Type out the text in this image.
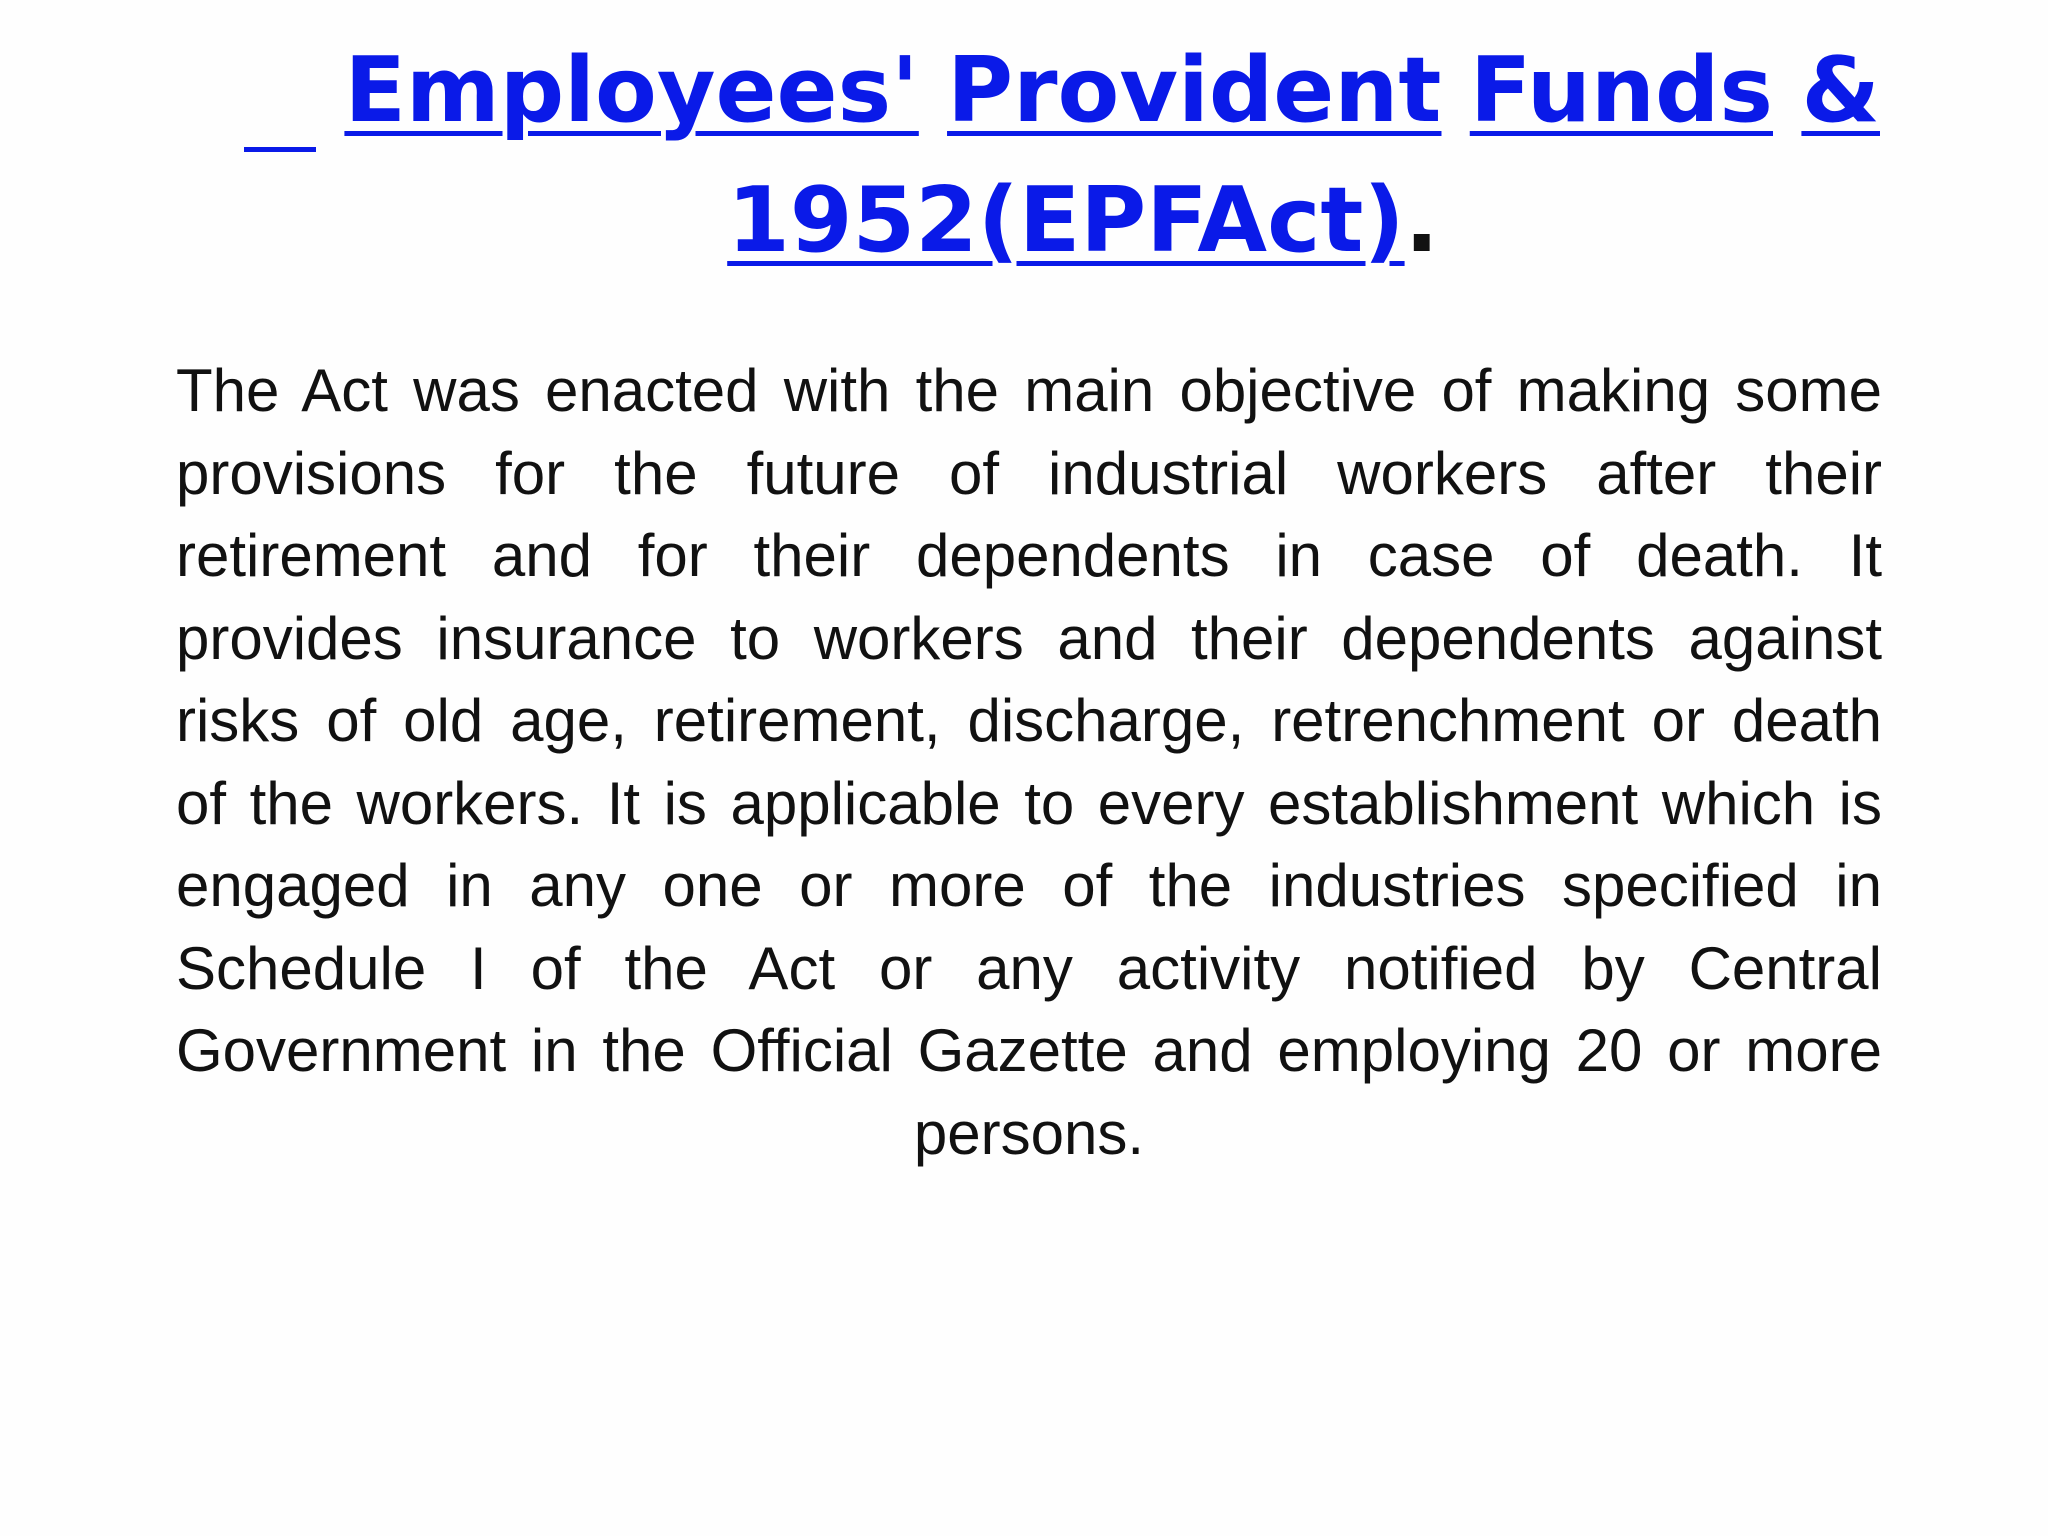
Employees' Provident Funds &
1952(EPFAct).

The Act was enacted with the main objective of making some provisions for the future of industrial workers after their retirement and for their dependents in case of death. It provides insurance to workers and their dependents against risks of old age, retirement, discharge, retrenchment or death of the workers. It is applicable to every establishment which is engaged in any one or more of the industries specified in Schedule I of the Act or any activity notified by Central Government in the Official Gazette and employing 20 or more persons.
